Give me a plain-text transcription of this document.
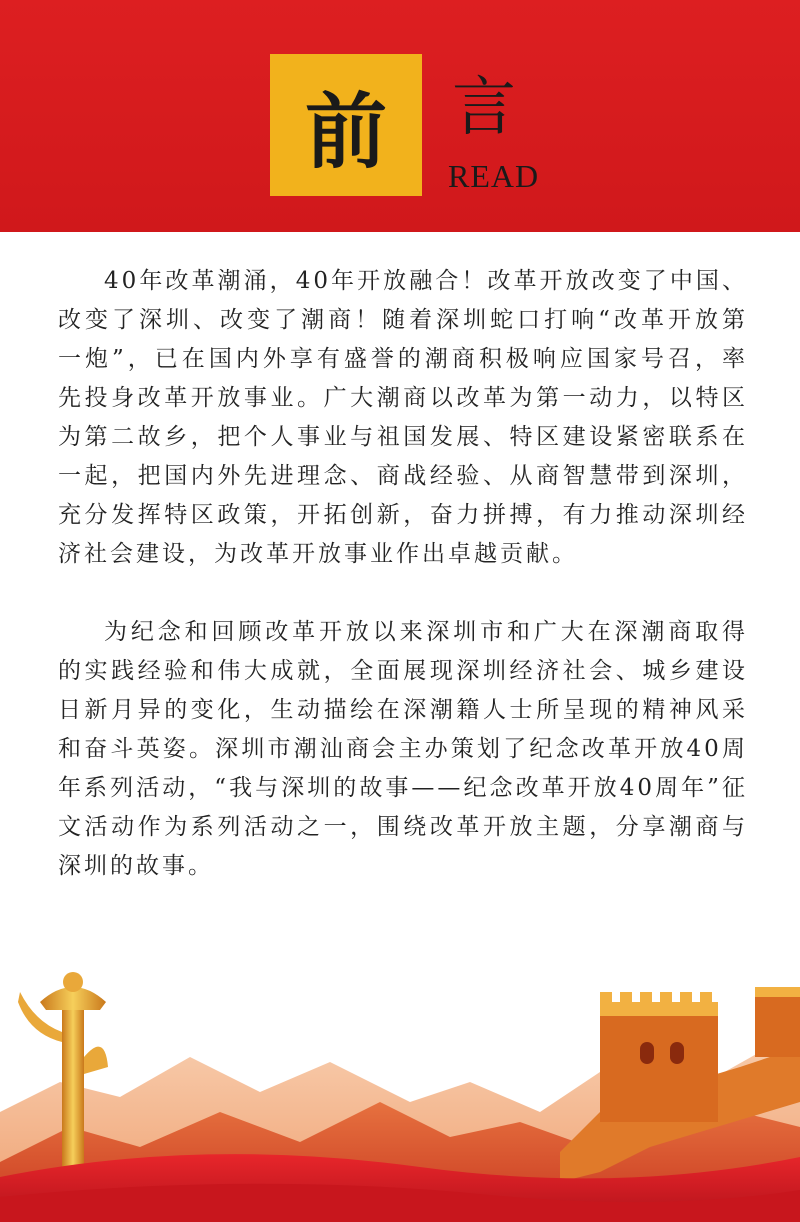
前	言
READ

40年改革潮涌，40年开放融合！改革开放改变了中国、改变了深圳、改变了潮商！随着深圳蛇口打响“改革开放第一炮”，已在国内外享有盛誉的潮商积极响应国家号召，率先投身改革开放事业。广大潮商以改革为第一动力，以特区为第二故乡，把个人事业与祖国发展、特区建设紧密联系在一起，把国内外先进理念、商战经验、从商智慧带到深圳，充分发挥特区政策，开拓创新，奋力拼搏，有力推动深圳经济社会建设，为改革开放事业作出卓越贡献。

为纪念和回顾改革开放以来深圳市和广大在深潮商取得的实践经验和伟大成就，全面展现深圳经济社会、城乡建设日新月异的变化，生动描绘在深潮籍人士所呈现的精神风采和奋斗英姿。深圳市潮汕商会主办策划了纪念改革开放40周年系列活动，“我与深圳的故事——纪念改革开放40周年”征文活动作为系列活动之一，围绕改革开放主题，分享潮商与深圳的故事。
